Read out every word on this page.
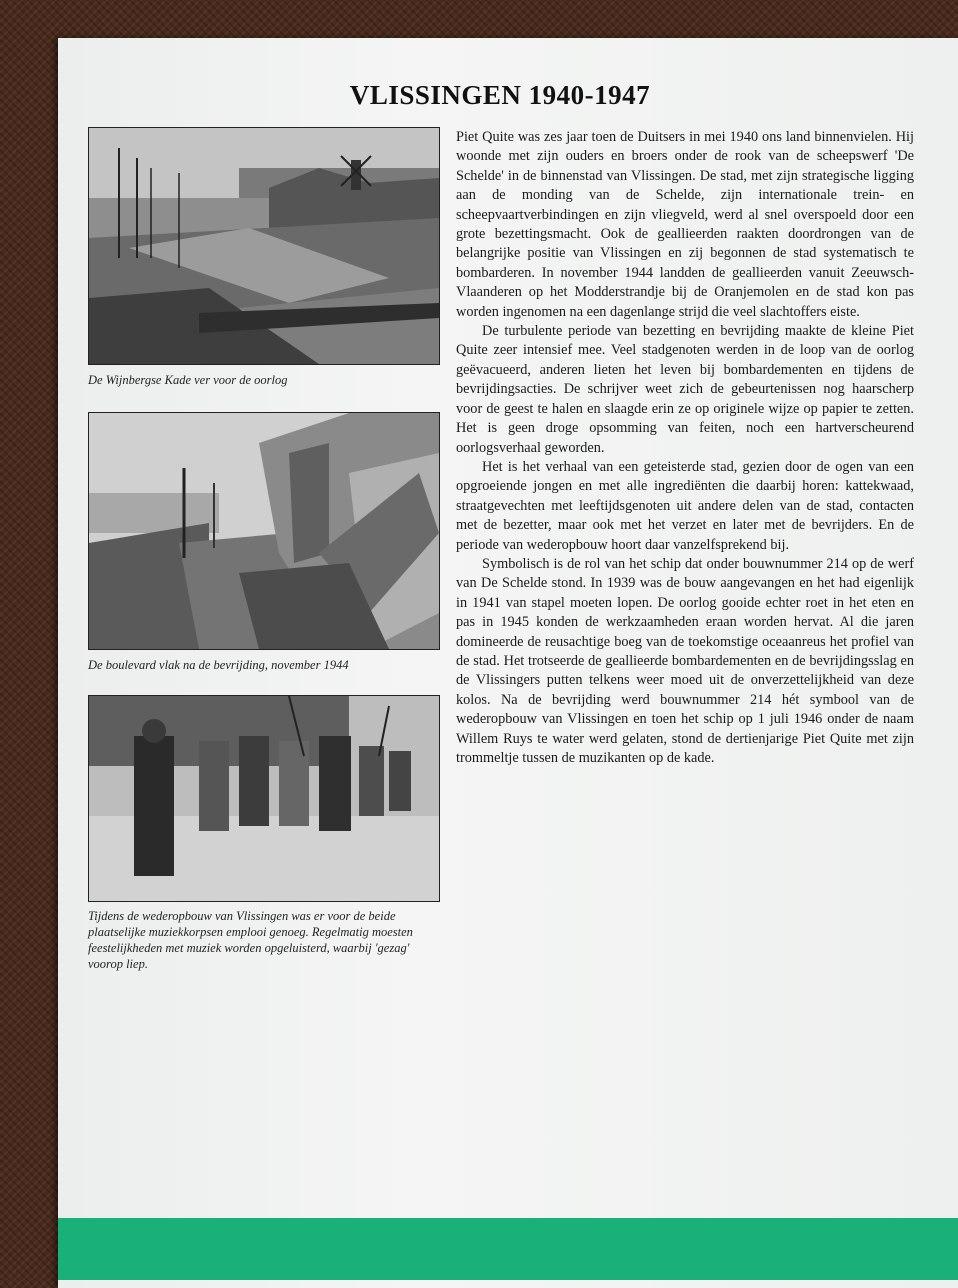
VLISSINGEN 1940-1947

De Wijnbergse Kade ver voor de oorlog

De boulevard vlak na de bevrijding, november 1944

Tijdens de wederopbouw van Vlissingen was er voor de beide plaatselijke muziekkorpsen emplooi genoeg. Regelmatig moesten feestelijkheden met muziek worden opgeluisterd, waarbij 'gezag' voorop liep.

Piet Quite was zes jaar toen de Duitsers in mei 1940 ons land binnenvielen. Hij woonde met zijn ouders en broers onder de rook van de scheepswerf 'De Schelde' in de binnenstad van Vlissingen. De stad, met zijn strategische ligging aan de monding van de Schelde, zijn internationale trein- en scheepvaartverbindingen en zijn vliegveld, werd al snel overspoeld door een grote bezettingsmacht. Ook de geallieerden raakten doordrongen van de belangrijke positie van Vlissingen en zij begonnen de stad systematisch te bombarderen. In november 1944 landden de geallieerden vanuit Zeeuwsch-Vlaanderen op het Modderstrandje bij de Oranjemolen en de stad kon pas worden ingenomen na een dagenlange strijd die veel slachtoffers eiste.

De turbulente periode van bezetting en bevrijding maakte de kleine Piet Quite zeer intensief mee. Veel stadgenoten werden in de loop van de oorlog geëvacueerd, anderen lieten het leven bij bombardementen en tijdens de bevrijdingsacties. De schrijver weet zich de gebeurtenissen nog haarscherp voor de geest te halen en slaagde erin ze op originele wijze op papier te zetten. Het is geen droge opsomming van feiten, noch een hartverscheurend oorlogsverhaal geworden.

Het is het verhaal van een geteisterde stad, gezien door de ogen van een opgroeiende jongen en met alle ingrediënten die daarbij horen: kattekwaad, straatgevechten met leeftijdsgenoten uit andere delen van de stad, contacten met de bezetter, maar ook met het verzet en later met de bevrijders. En de periode van wederopbouw hoort daar vanzelfsprekend bij.

Symbolisch is de rol van het schip dat onder bouwnummer 214 op de werf van De Schelde stond. In 1939 was de bouw aangevangen en het had eigenlijk in 1941 van stapel moeten lopen. De oorlog gooide echter roet in het eten en pas in 1945 konden de werkzaamheden eraan worden hervat. Al die jaren domineerde de reusachtige boeg van de toekomstige oceaanreus het profiel van de stad. Het trotseerde de geallieerde bombardementen en de bevrijdingsslag en de Vlissingers putten telkens weer moed uit de onverzettelijkheid van deze kolos. Na de bevrijding werd bouwnummer 214 hét symbool van de wederopbouw van Vlissingen en toen het schip op 1 juli 1946 onder de naam Willem Ruys te water werd gelaten, stond de dertienjarige Piet Quite met zijn trommeltje tussen de muzikanten op de kade.
